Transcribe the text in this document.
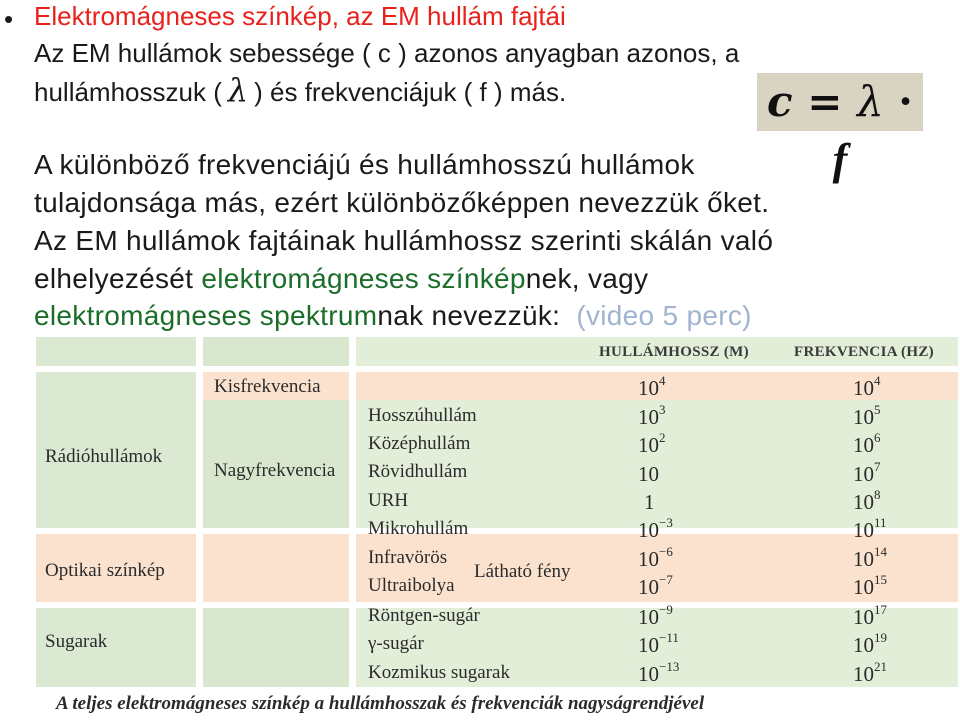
• Elektromágneses színkép, az EM hullám fajtái
Az EM hullámok sebessége ( c ) azonos anyagban azonos, a
hullámhosszuk ( λ ) és frekvenciájuk ( f ) más.	c = λ · f
A különböző frekvenciájú és hullámhosszú hullámok
tulajdonsága más, ezért különbözőképpen nevezzük őket.
Az EM hullámok fajtáinak hullámhossz szerinti skálán való
elhelyezését elektromágneses színképnek, vagy
elektromágneses spektrumnak nevezzük: (video 5 perc)
HULLÁMHOSSZ (M)	FREKVENCIA (HZ)
Rádióhullámok
Optikai színkép
Sugarak
Kisfrekvencia
Nagyfrekvencia
Látható fény
Hosszúhullám
Középhullám
Rövidhullám
URH
Mikrohullám
Infravörös
Ultraibolya
Röntgen-sugár
γ-sugár
Kozmikus sugarak
$10^4$
$10^3$
$10^2$
10
1
$10^{-3}$
$10^{-6}$
$10^{-7}$
$10^{-9}$
$10^{-11}$
$10^{-13}$
$10^4$
$10^5$
$10^6$
$10^7$
$10^8$
$10^{11}$
$10^{14}$
$10^{15}$
$10^{17}$
$10^{19}$
$10^{21}$
A teljes elektromágneses színkép a hullámhosszak és frekvenciák nagyságrendjével
